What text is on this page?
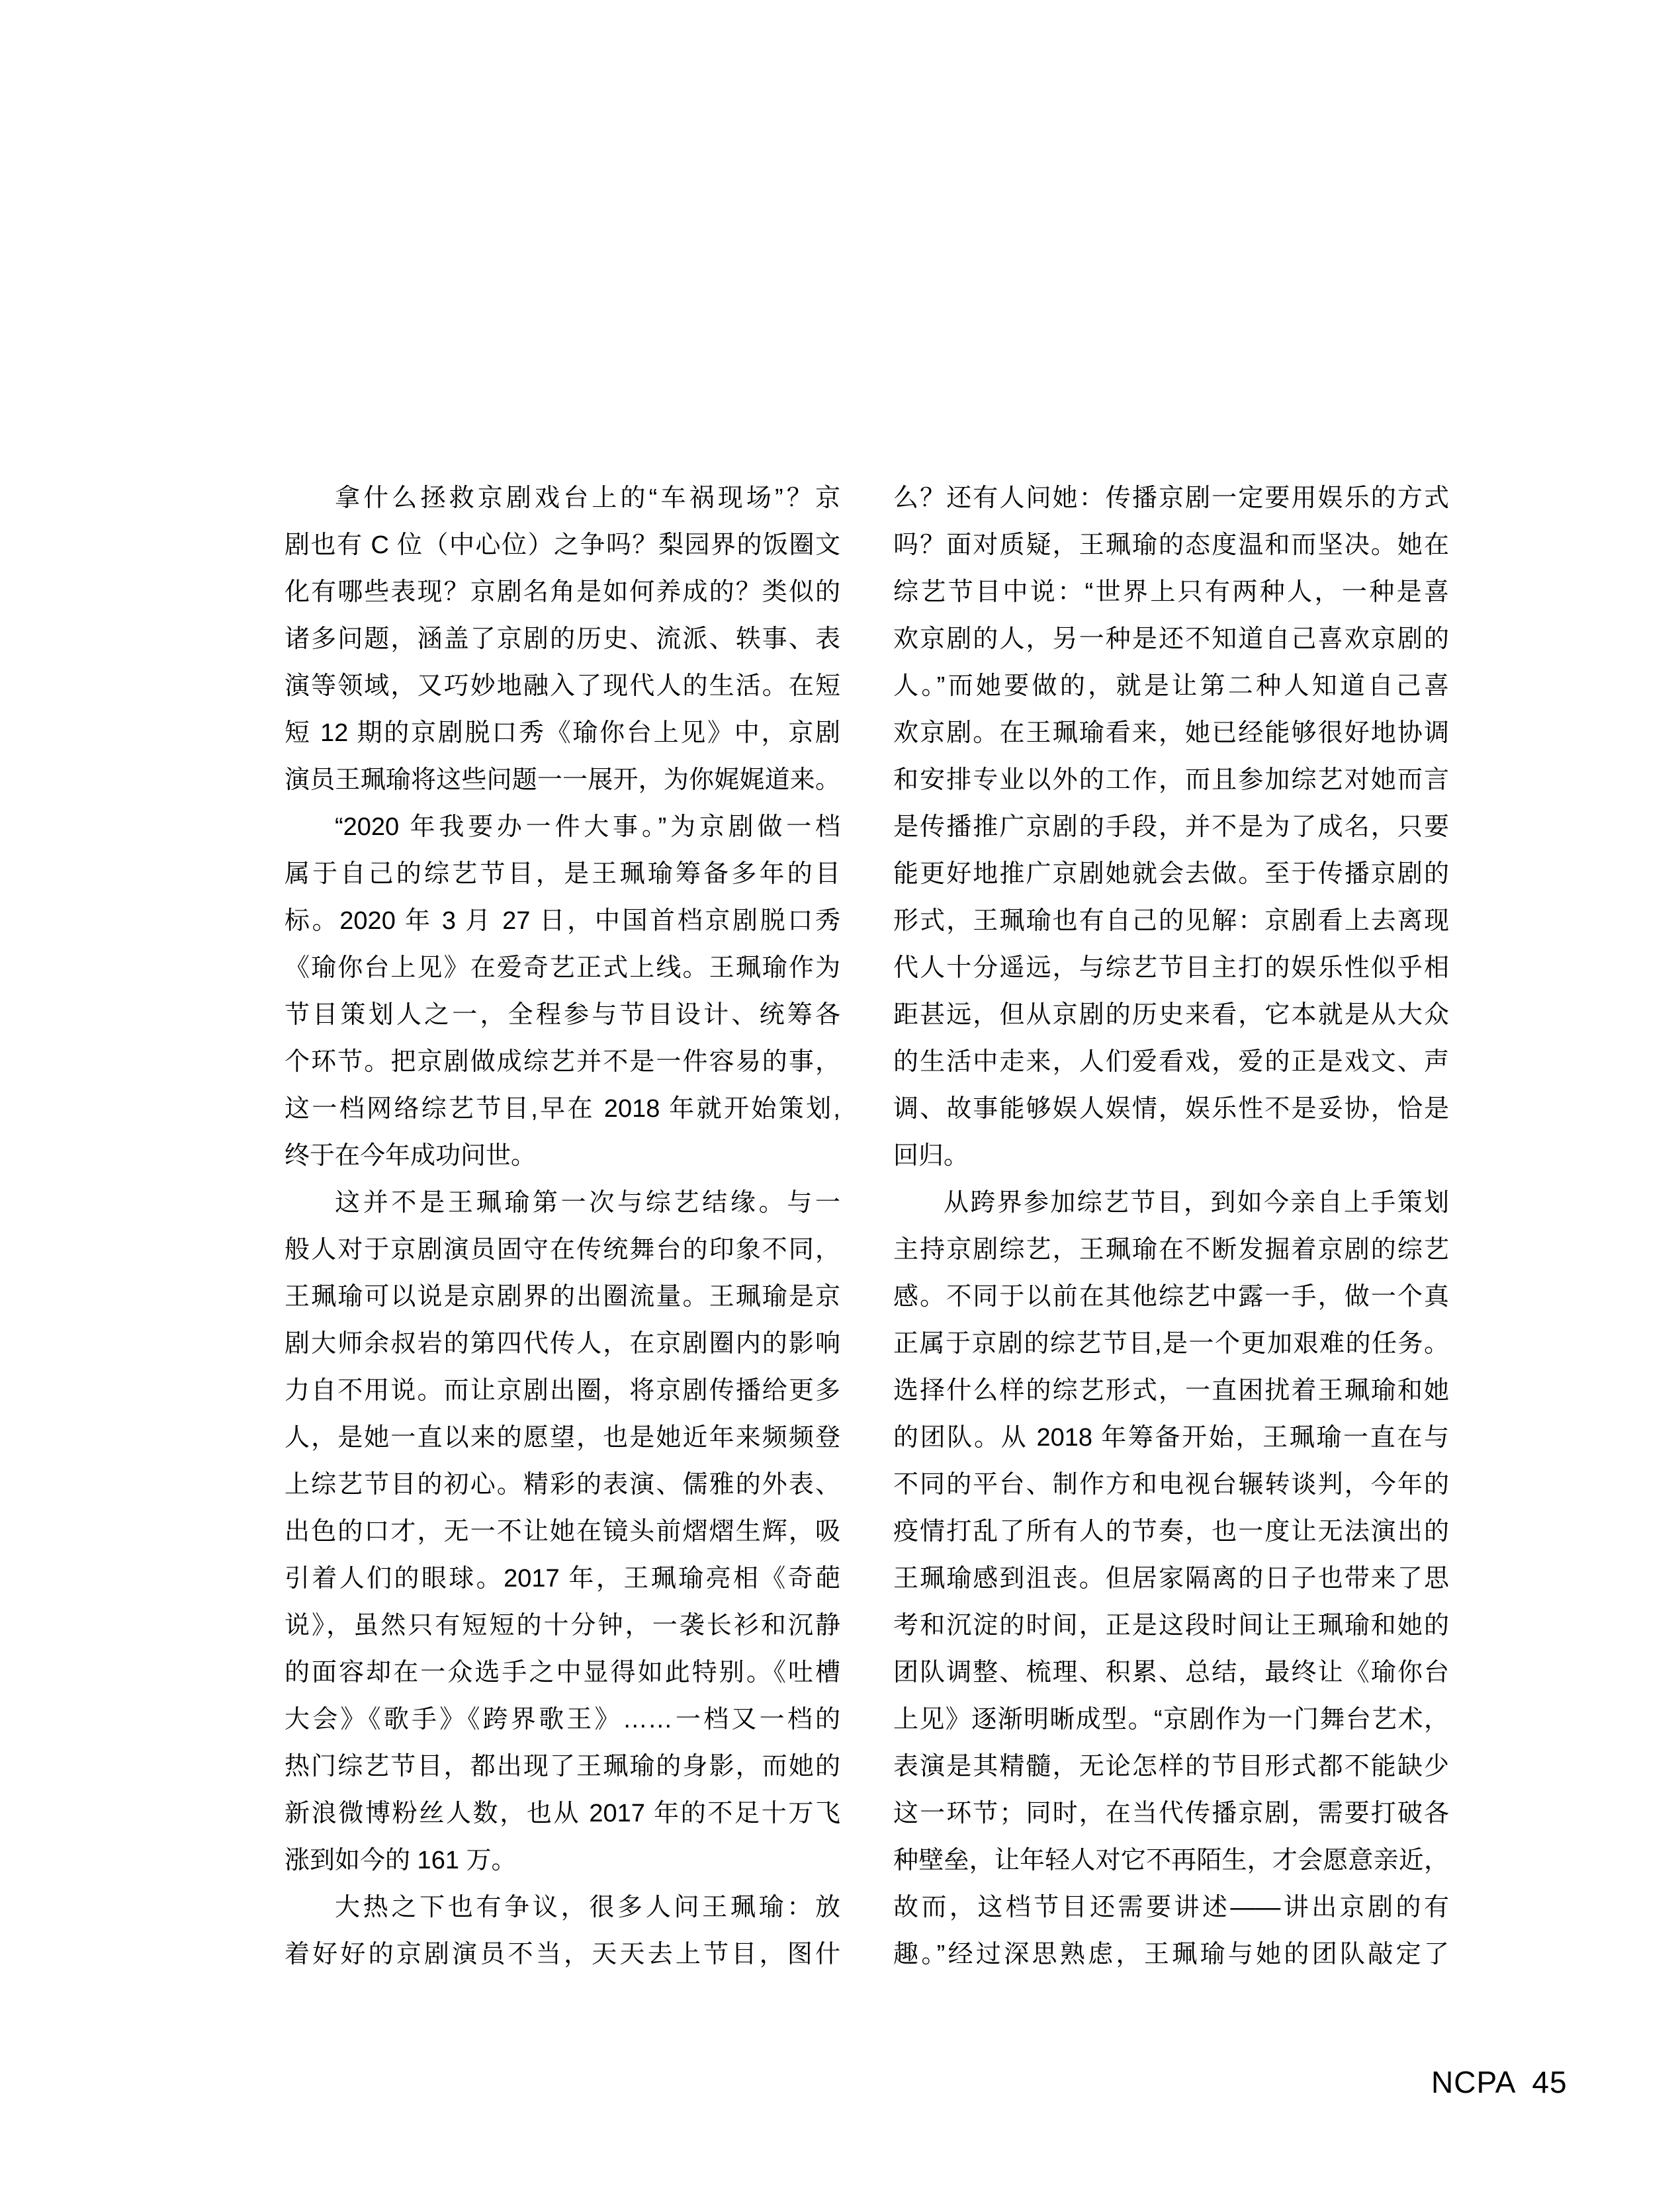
拿什么拯救京剧戏台上的“车祸现场”？京
剧也有 C 位（中心位）之争吗？梨园界的饭圈文
化有哪些表现？京剧名角是如何养成的？类似的
诸多问题，涵盖了京剧的历史、流派、轶事、表
演等领域，又巧妙地融入了现代人的生活。在短
短 12 期的京剧脱口秀《瑜你台上见》中，京剧
演员王珮瑜将这些问题一一展开，为你娓娓道来。
“2020 年我要办一件大事。”为京剧做一档
属于自己的综艺节目，是王珮瑜筹备多年的目
标。2020 年 3 月 27 日，中国首档京剧脱口秀
《瑜你台上见》在爱奇艺正式上线。王珮瑜作为
节目策划人之一，全程参与节目设计、统筹各
个环节。把京剧做成综艺并不是一件容易的事，
这一档网络综艺节目,早在 2018 年就开始策划,
终于在今年成功问世。
这并不是王珮瑜第一次与综艺结缘。与一
般人对于京剧演员固守在传统舞台的印象不同，
王珮瑜可以说是京剧界的出圈流量。王珮瑜是京
剧大师余叔岩的第四代传人，在京剧圈内的影响
力自不用说。而让京剧出圈，将京剧传播给更多
人，是她一直以来的愿望，也是她近年来频频登
上综艺节目的初心。精彩的表演、儒雅的外表、
出色的口才，无一不让她在镜头前熠熠生辉，吸
引着人们的眼球。2017 年，王珮瑜亮相《奇葩
说》，虽然只有短短的十分钟，一袭长衫和沉静
的面容却在一众选手之中显得如此特别。《吐槽
大会》《歌手》《跨界歌王》……一档又一档的
热门综艺节目，都出现了王珮瑜的身影，而她的
新浪微博粉丝人数，也从 2017 年的不足十万飞
涨到如今的 161 万。
大热之下也有争议，很多人问王珮瑜：放
着好好的京剧演员不当，天天去上节目，图什
么？还有人问她：传播京剧一定要用娱乐的方式
吗？面对质疑，王珮瑜的态度温和而坚决。她在
综艺节目中说：“世界上只有两种人，一种是喜
欢京剧的人，另一种是还不知道自己喜欢京剧的
人。”而她要做的，就是让第二种人知道自己喜
欢京剧。在王珮瑜看来，她已经能够很好地协调
和安排专业以外的工作，而且参加综艺对她而言
是传播推广京剧的手段，并不是为了成名，只要
能更好地推广京剧她就会去做。至于传播京剧的
形式，王珮瑜也有自己的见解：京剧看上去离现
代人十分遥远，与综艺节目主打的娱乐性似乎相
距甚远，但从京剧的历史来看，它本就是从大众
的生活中走来，人们爱看戏，爱的正是戏文、声
调、故事能够娱人娱情，娱乐性不是妥协，恰是
回归。
从跨界参加综艺节目，到如今亲自上手策划
主持京剧综艺，王珮瑜在不断发掘着京剧的综艺
感。不同于以前在其他综艺中露一手，做一个真
正属于京剧的综艺节目,是一个更加艰难的任务。
选择什么样的综艺形式，一直困扰着王珮瑜和她
的团队。从 2018 年筹备开始，王珮瑜一直在与
不同的平台、制作方和电视台辗转谈判，今年的
疫情打乱了所有人的节奏，也一度让无法演出的
王珮瑜感到沮丧。但居家隔离的日子也带来了思
考和沉淀的时间，正是这段时间让王珮瑜和她的
团队调整、梳理、积累、总结，最终让《瑜你台
上见》逐渐明晰成型。“京剧作为一门舞台艺术，
表演是其精髓，无论怎样的节目形式都不能缺少
这一环节；同时，在当代传播京剧，需要打破各
种壁垒，让年轻人对它不再陌生，才会愿意亲近，
故而，这档节目还需要讲述——讲出京剧的有
趣。”经过深思熟虑，王珮瑜与她的团队敲定了
NCPA 45
